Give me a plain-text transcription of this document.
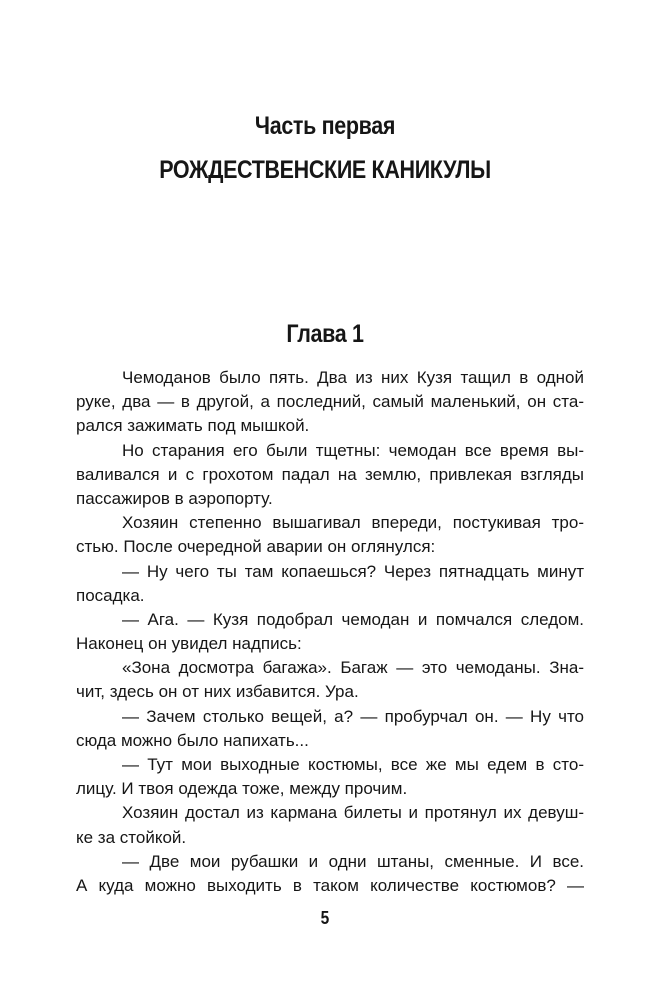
Часть первая
РОЖДЕСТВЕНСКИЕ КАНИКУЛЫ
Глава 1
Чемоданов было пять. Два из них Кузя тащил в одной
руке, два — в другой, а последний, самый маленький, он ста-
рался зажимать под мышкой.
Но старания его были тщетны: чемодан все время вы-
валивался и с грохотом падал на землю, привлекая взгляды
пассажиров в аэропорту.
Хозяин степенно вышагивал впереди, постукивая тро-
стью. После очередной аварии он оглянулся:
— Ну чего ты там копаешься? Через пятнадцать минут
посадка.
— Ага. — Кузя подобрал чемодан и помчался следом.
Наконец он увидел надпись:
«Зона досмотра багажа». Багаж — это чемоданы. Зна-
чит, здесь он от них избавится. Ура.
— Зачем столько вещей, а? — пробурчал он. — Ну что
сюда можно было напихать...
— Тут мои выходные костюмы, все же мы едем в сто-
лицу. И твоя одежда тоже, между прочим.
Хозяин достал из кармана билеты и протянул их девуш-
ке за стойкой.
— Две мои рубашки и одни штаны, сменные. И все.
А куда можно выходить в таком количестве костюмов? —
5
